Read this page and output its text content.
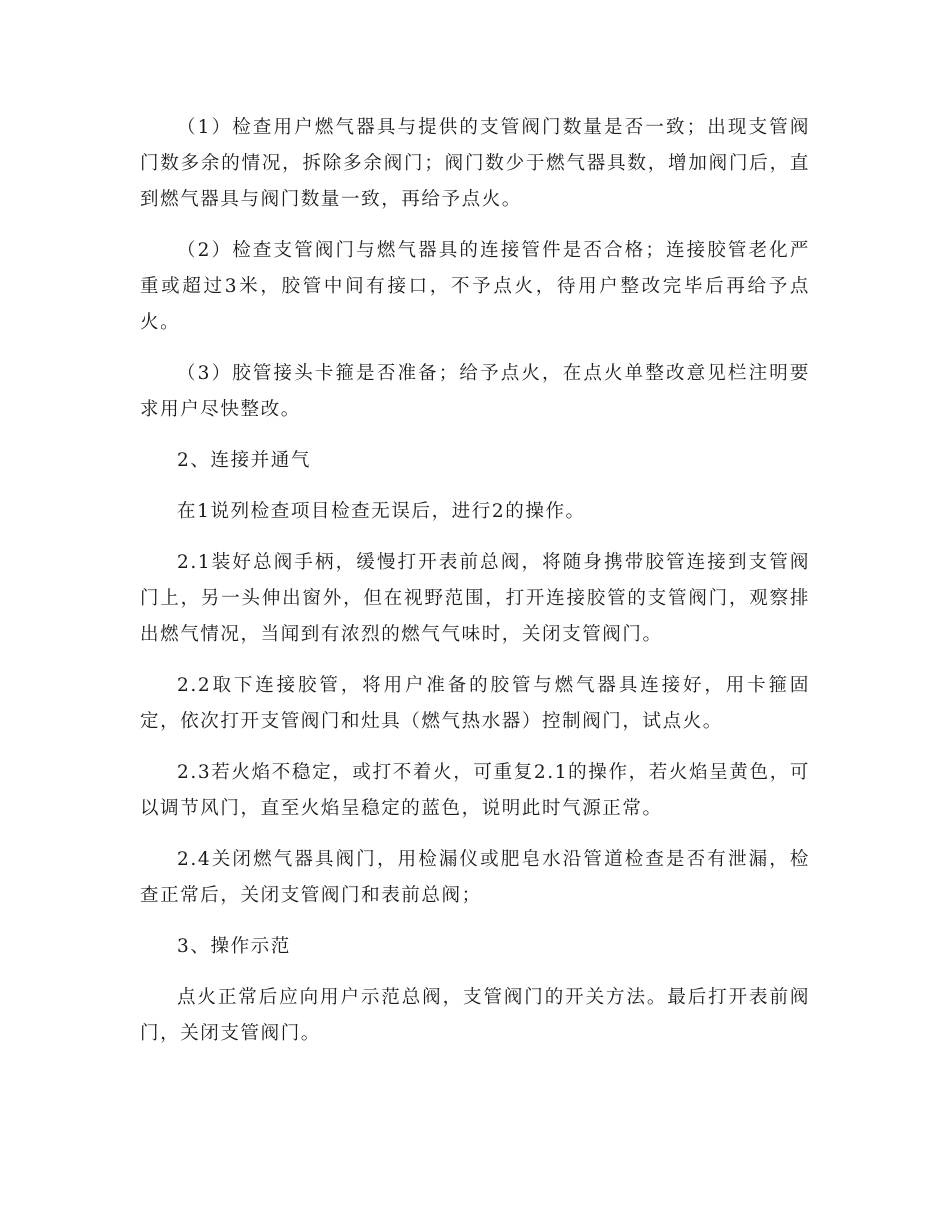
（1）检查用户燃气器具与提供的支管阀门数量是否一致；出现支管阀门数多余的情况，拆除多余阀门；阀门数少于燃气器具数，增加阀门后，直到燃气器具与阀门数量一致，再给予点火。

（2）检查支管阀门与燃气器具的连接管件是否合格；连接胶管老化严重或超过3米，胶管中间有接口，不予点火，待用户整改完毕后再给予点火。

（3）胶管接头卡箍是否准备；给予点火，在点火单整改意见栏注明要求用户尽快整改。

2、连接并通气

在1说列检查项目检查无误后，进行2的操作。

2.1装好总阀手柄，缓慢打开表前总阀，将随身携带胶管连接到支管阀门上，另一头伸出窗外，但在视野范围，打开连接胶管的支管阀门，观察排出燃气情况，当闻到有浓烈的燃气气味时，关闭支管阀门。

2.2取下连接胶管，将用户准备的胶管与燃气器具连接好，用卡箍固定，依次打开支管阀门和灶具（燃气热水器）控制阀门，试点火。

2.3若火焰不稳定，或打不着火，可重复2.1的操作，若火焰呈黄色，可以调节风门，直至火焰呈稳定的蓝色，说明此时气源正常。

2.4关闭燃气器具阀门，用检漏仪或肥皂水沿管道检查是否有泄漏，检查正常后，关闭支管阀门和表前总阀；

3、操作示范

点火正常后应向用户示范总阀，支管阀门的开关方法。最后打开表前阀门，关闭支管阀门。
